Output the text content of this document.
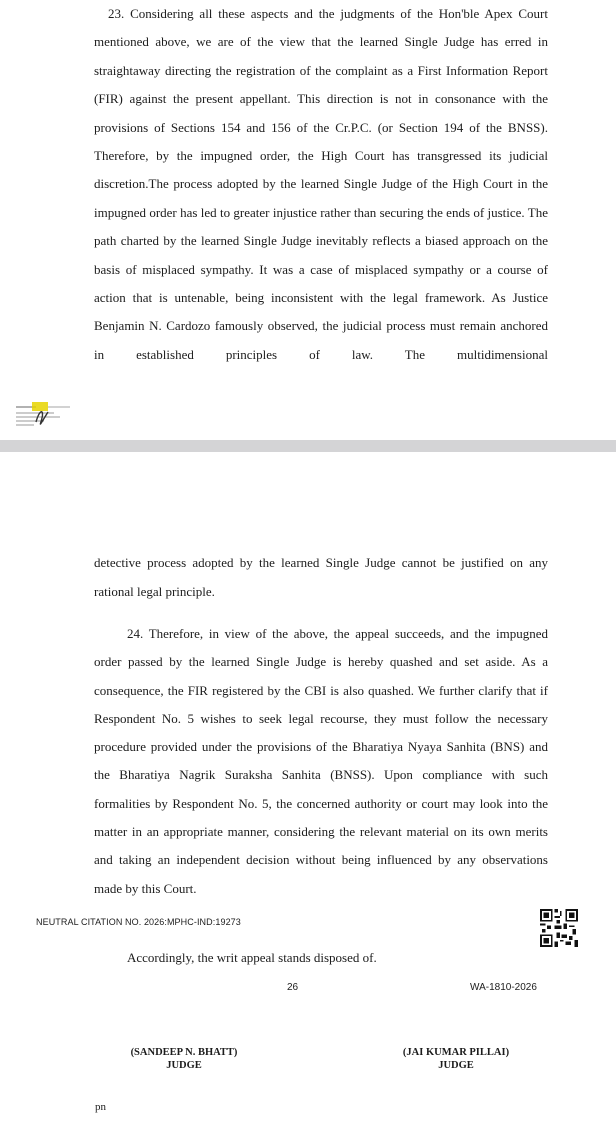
NEUTRAL CITATION NO. 2026:MPHC-IND:19273
26	WA-1810-2026

23. Considering all these aspects and the judgments of the Hon'ble Apex Court mentioned above, we are of the view that the learned Single Judge has erred in straightaway directing the registration of the complaint as a First Information Report (FIR) against the present appellant. This direction is not in consonance with the provisions of Sections 154 and 156 of the Cr.P.C. (or Section 194 of the BNSS). Therefore, by the impugned order, the High Court has transgressed its judicial discretion.The process adopted by the learned Single Judge of the High Court in the impugned order has led to greater injustice rather than securing the ends of justice. The path charted by the learned Single Judge inevitably reflects a biased approach on the basis of misplaced sympathy. It was a case of misplaced sympathy or a course of action that is untenable, being inconsistent with the legal framework. As Justice Benjamin N. Cardozo famously observed, the judicial process must remain anchored in established principles of law. The multidimensional

detective process adopted by the learned Single Judge cannot be justified on any rational legal principle.

24. Therefore, in view of the above, the appeal succeeds, and the impugned order passed by the learned Single Judge is hereby quashed and set aside. As a consequence, the FIR registered by the CBI is also quashed. We further clarify that if Respondent No. 5 wishes to seek legal recourse, they must follow the necessary procedure provided under the provisions of the Bharatiya Nyaya Sanhita (BNS) and the Bharatiya Nagrik Suraksha Sanhita (BNSS). Upon compliance with such formalities by Respondent No. 5, the concerned authority or court may look into the matter in an appropriate manner, considering the relevant material on its own merits and taking an independent decision without being influenced by any observations made by this Court.

Accordingly, the writ appeal stands disposed of.

(SANDEEP N. BHATT)
JUDGE
(JAI KUMAR PILLAI)
JUDGE
pn
